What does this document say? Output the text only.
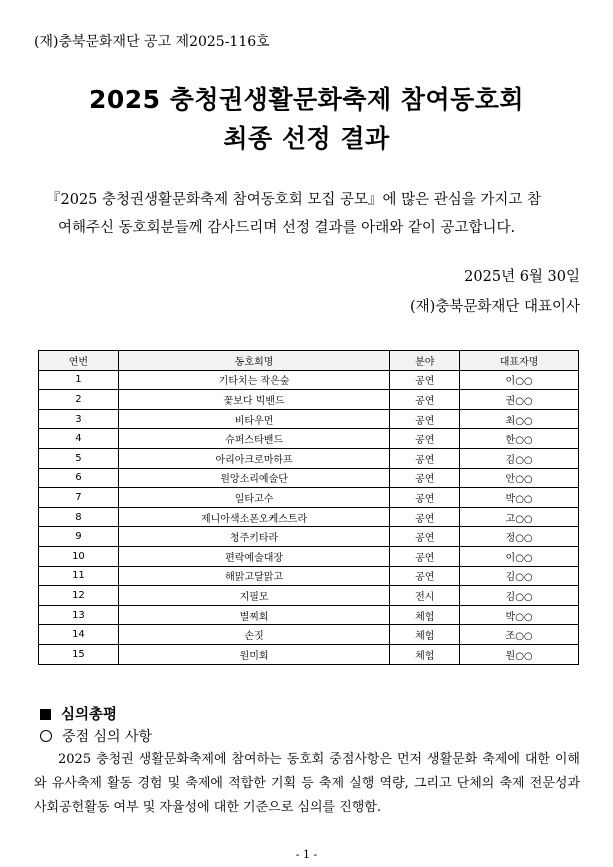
(재)충북문화재단 공고 제2025-116호
2025 충청권생활문화축제 참여동호회
최종 선정 결과
『2025 충청권생활문화축제 참여동호회 모집 공모』에 많은 관심을 가지고 참
여해주신 동호회분들께 감사드리며 선정 결과를 아래와 같이 공고합니다.
2025년 6월 30일
(재)충북문화재단 대표이사
연번	동호회명	분야	대표자명
1	기타치는 작은숲	공연	이○○
2	꽃보다 빅밴드	공연	권○○
3	비타우먼	공연	최○○
4	슈퍼스타밴드	공연	한○○
5	아리아크로마하프	공연	김○○
6	원앙소리예술단	공연	안○○
7	일타고수	공연	박○○
8	제니아색소폰오케스트라	공연	고○○
9	청주키타라	공연	정○○
10	편락예술대장	공연	이○○
11	해맑고달맑고	공연	김○○
12	지필모	전시	김○○
13	별찌회	체험	박○○
14	손짓	체험	조○○
15	원미회	체험	원○○
심의총평
중점 심의 사항
2025 충청권 생활문화축제에 참여하는 동호회 중점사항은 먼저 생활문화 축제에 대한 이해와 유사축제 활동 경험 및 축제에 적합한 기획 등 축제 실행 역량, 그리고 단체의 축제 전문성과 사회공헌활동 여부 및 자율성에 대한 기준으로 심의를 진행함.
- 1 -
